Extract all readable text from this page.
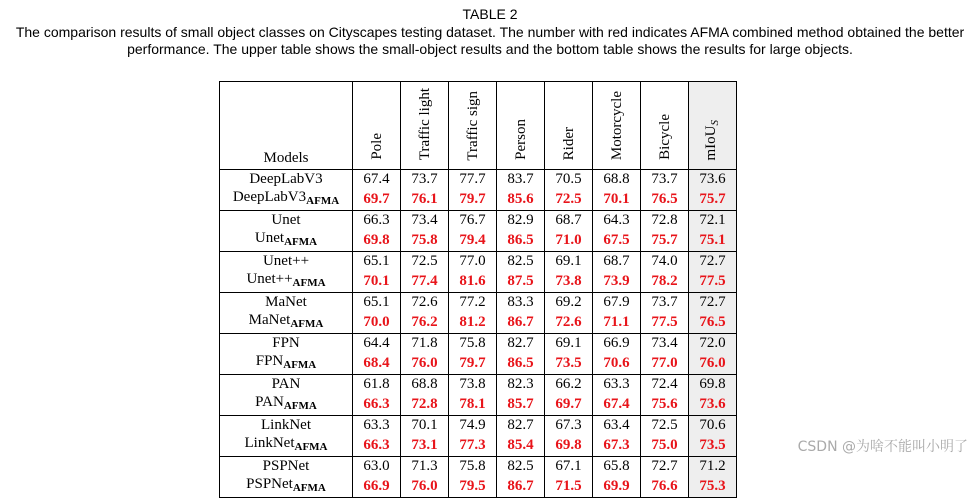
TABLE 2
The comparison results of small object classes on Cityscapes testing dataset. The number with red indicates AFMA combined method obtained the better performance. The upper table shows the small-object results and the bottom table shows the results for large objects.
Models	Pole	Traffic light	Traffic sign	Person	Rider	Motorcycle	Bicycle	mIoU$_S$
DeepLabV3	67.4	73.7	77.7	83.7	70.5	68.8	73.7	73.6
$DeepLabV3_{AFMA}$	69.7	76.1	79.7	85.6	72.5	70.1	76.5	75.7
Unet	66.3	73.4	76.7	82.9	68.7	64.3	72.8	72.1
Unet$_{AFMA}$	69.8	75.8	79.4	86.5	71.0	67.5	75.7	75.1
Unet++	65.1	72.5	77.0	82.5	69.1	68.7	74.0	72.7
$Unet++_{AFMA}$	70.1	77.4	81.6	87.5	73.8	73.9	78.2	77.5
MaNet	65.1	72.6	77.2	83.3	69.2	67.9	73.7	72.7
MaNet$_{AFMA}$	70.0	76.2	81.2	86.7	72.6	71.1	77.5	76.5
FPN	64.4	71.8	75.8	82.7	69.1	66.9	73.4	72.0
$FPN_{AFMA}$	68.4	76.0	79.7	86.5	73.5	70.6	77.0	76.0
PAN	61.8	68.8	73.8	82.3	66.2	63.3	72.4	69.8
$PAN_{AFMA}$	66.3	72.8	78.1	85.7	69.7	67.4	75.6	73.6
LinkNet	63.3	70.1	74.9	82.7	67.3	63.4	72.5	70.6
LinkNet$_{AFMA}$	66.3	73.1	77.3	85.4	69.8	67.3	75.0	73.5
PSPNet	63.0	71.3	75.8	82.5	67.1	65.8	72.7	71.2
PSPNet$_{AFMA}$	66.9	76.0	79.5	86.7	71.5	69.9	76.6	75.3
CSDN @为啥不能叫小明了
